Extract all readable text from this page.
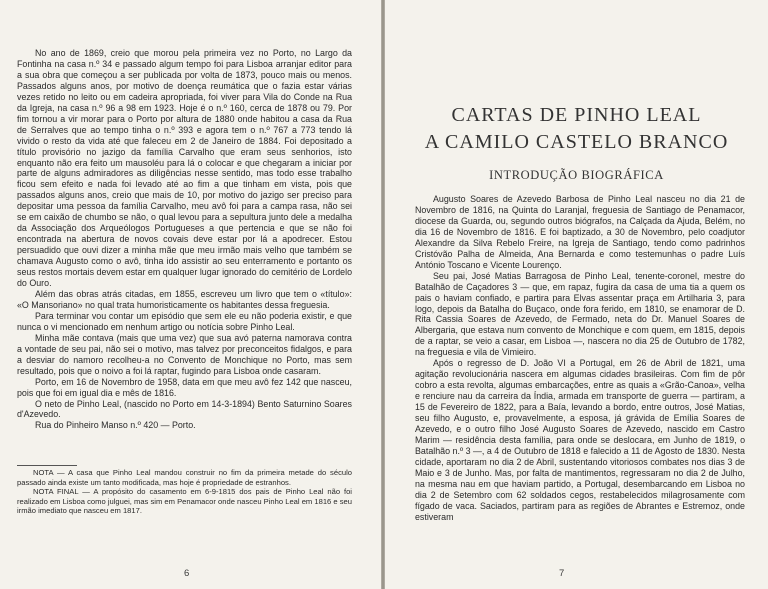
No ano de 1869, creio que morou pela primeira vez no Porto, no Largo da Fontinha na casa n.º 34 e passado algum tempo foi para Lisboa arranjar editor para a sua obra que começou a ser publicada por volta de 1873, pouco mais ou menos. Passados alguns anos, por motivo de doença reumática que o fazia estar várias vezes retido no leito ou em cadeira apropriada, foi viver para Vila do Conde na Rua da Igreja, na casa n.º 96 a 98 em 1923. Hoje é o n.º 160, cerca de 1878 ou 79. Por fim tornou a vir morar para o Porto por altura de 1880 onde habitou a casa da Rua de Serralves que ao tempo tinha o n.º 393 e agora tem o n.º 767 a 773 tendo lá vivido o resto da vida até que faleceu em 2 de Janeiro de 1884. Foi depositado a título provisório no jazigo da família Carvalho que eram seus senhorios, isto enquanto não era feito um mausoléu para lá o colocar e que chegaram a iniciar por parte de alguns admiradores as diligências nesse sentido, mas todo esse trabalho ficou sem efeito e nada foi levado até ao fim a que tinham em vista, pois que passados alguns anos, creio que mais de 10, por motivo do jazigo ser preciso para depositar uma pessoa da família Carvalho, meu avô foi para a campa rasa, não sei se em caixão de chumbo se não, o qual levou para a sepultura junto dele a medalha da Associação dos Arqueólogos Portugueses a que pertencia e que se não foi encontrada na abertura de novos covais deve estar por lá a apodrecer. Estou persuadido que ouvi dizer a minha mãe que meu irmão mais velho que também se chamava Augusto como o avô, tinha ido assistir ao seu enterramento e portanto os seus restos mortais devem estar em qualquer lugar ignorado do cemitério de Lordelo do Ouro.

Além das obras atrás citadas, em 1855, escreveu um livro que tem o «título»: «O Mansoriano» no qual trata humoristicamente os habitantes dessa freguesia.

Para terminar vou contar um episódio que sem ele eu não poderia existir, e que nunca o vi mencionado em nenhum artigo ou notícia sobre Pinho Leal.

Minha mãe contava (mais que uma vez) que sua avó paterna namorava contra a vontade de seu pai, não sei o motivo, mas talvez por preconceitos fidalgos, e para a desviar do namoro recolheu-a no Convento de Monchique no Porto, mas sem resultado, pois que o noivo a foi lá raptar, fugindo para Lisboa onde casaram.

Porto, em 16 de Novembro de 1958, data em que meu avô fez 142 que nasceu, pois que foi em igual dia e mês de 1816.

O neto de Pinho Leal, (nascido no Porto em 14-3-1894) Bento Saturnino Soares d'Azevedo.

Rua do Pinheiro Manso n.º 420 — Porto.

NOTA — A casa que Pinho Leal mandou construir no fim da primeira metade do século passado ainda existe um tanto modificada, mas hoje é propriedade de estranhos.

NOTA FINAL — A propósito do casamento em 6-9-1815 dos pais de Pinho Leal não foi realizado em Lisboa como julguei, mas sim em Penamacor onde nasceu Pinho Leal em 1816 e seu irmão imediato que nasceu em 1817.

6
CARTAS DE PINHO LEAL
A CAMILO CASTELO BRANCO
INTRODUÇÃO BIOGRÁFICA

Augusto Soares de Azevedo Barbosa de Pinho Leal nasceu no dia 21 de Novembro de 1816, na Quinta do Laranjal, freguesia de Santiago de Penamacor, diocese da Guarda, ou, segundo outros biógrafos, na Calçada da Ajuda, Belém, no dia 16 de Novembro de 1816. E foi baptizado, a 30 de Novembro, pelo coadjutor Alexandre da Silva Rebelo Freire, na Igreja de Santiago, tendo como padrinhos Cristóvão Palha de Almeida, Ana Bernarda e como testemunhas o padre Luís António Toscano e Vicente Lourenço.

Seu pai, José Matias Barragosa de Pinho Leal, tenente-coronel, mestre do Batalhão de Caçadores 3 — que, em rapaz, fugira da casa de uma tia a quem os pais o haviam confiado, e partira para Elvas assentar praça em Artilharia 3, para logo, depois da Batalha do Buçaco, onde fora ferido, em 1810, se enamorar de D. Rita Cassia Soares de Azevedo, de Fermado, neta do Dr. Manuel Soares de Albergaria, que estava num convento de Monchique e com quem, em 1815, depois de a raptar, se veio a casar, em Lisboa —, nascera no dia 25 de Outubro de 1782, na freguesia e vila de Vimieiro.

Após o regresso de D. João VI a Portugal, em 26 de Abril de 1821, uma agitação revolucionária nascera em algumas cidades brasileiras. Com fim de pôr cobro a esta revolta, algumas embarcações, entre as quais a «Grão-Canoa», velha e renciure nau da carreira da Índia, armada em transporte de guerra — partiram, a 15 de Fevereiro de 1822, para a Baía, levando a bordo, entre outros, José Matias, seu filho Augusto, e, provavelmente, a esposa, já grávida de Emília Soares de Azevedo, e o outro filho José Augusto Soares de Azevedo, nascido em Castro Marim — residência desta família, para onde se deslocara, em Junho de 1819, o Batalhão n.º 3 —, a 4 de Outubro de 1818 e falecido a 11 de Agosto de 1830. Nesta cidade, aportaram no dia 2 de Abril, sustentando vitoriosos combates nos dias 3 de Maio e 3 de Junho. Mas, por falta de mantimentos, regressaram no dia 2 de Julho, na mesma nau em que haviam partido, a Portugal, desembarcando em Lisboa no dia 2 de Setembro com 62 soldados cegos, restabelecidos milagrosamente com fígado de vaca. Saciados, partiram para as regiões de Abrantes e Estremoz, onde estiveram

7
